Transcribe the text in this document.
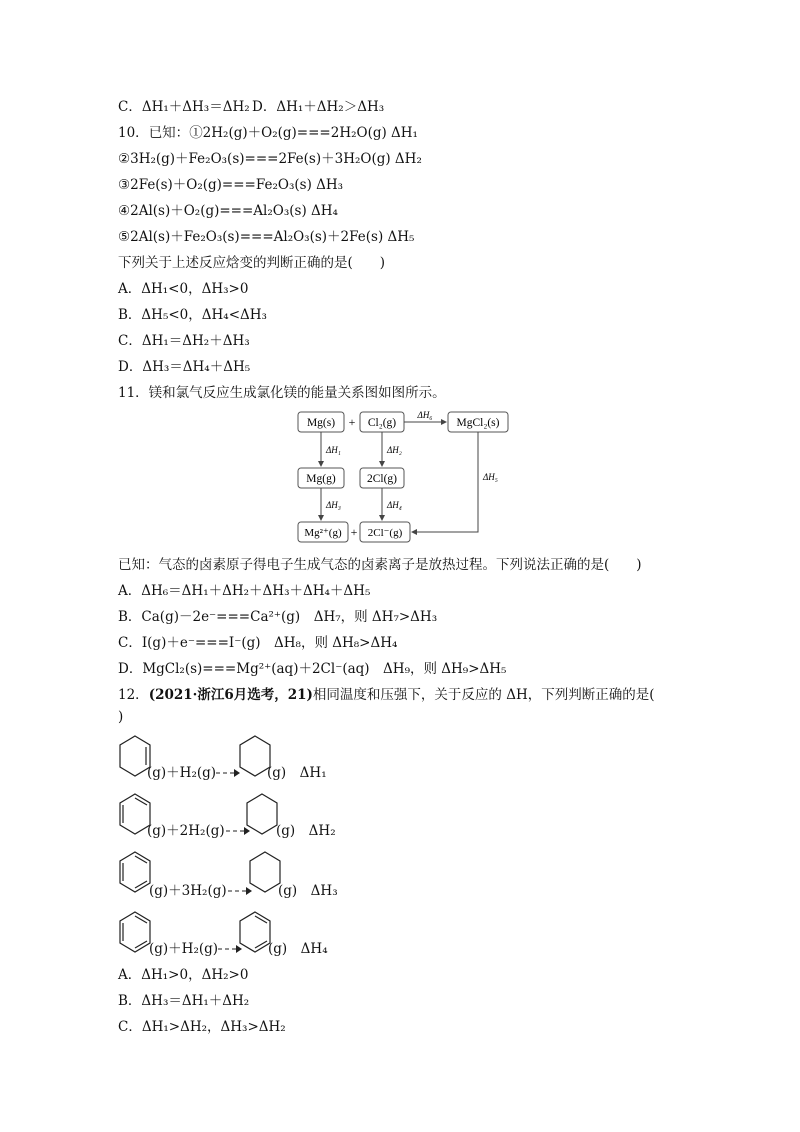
C．ΔH₁＋ΔH₃＝ΔH₂ D．ΔH₁＋ΔH₂＞ΔH₃
10．已知：①2H₂(g)＋O₂(g)===2H₂O(g) ΔH₁
②3H₂(g)＋Fe₂O₃(s)===2Fe(s)＋3H₂O(g) ΔH₂
③2Fe(s)＋O₂(g)===Fe₂O₃(s) ΔH₃
④2Al(s)＋O₂(g)===Al₂O₃(s) ΔH₄
⑤2Al(s)＋Fe₂O₃(s)===Al₂O₃(s)＋2Fe(s) ΔH₅
下列关于上述反应焓变的判断正确的是(　　)
A．ΔH₁<0，ΔH₃>0
B．ΔH₅<0，ΔH₄<ΔH₃
C．ΔH₁＝ΔH₂＋ΔH₃
D．ΔH₃＝ΔH₄＋ΔH₅
11．镁和氯气反应生成氯化镁的能量关系图如图所示。
Mg(s)	Cl₂(g)	MgCl₂(s)
Mg(g)	2Cl(g)
Mg²⁺(g) 2Cl⁻(g)
+
+
ΔH₆
ΔH₁	ΔH₂
ΔH₅
ΔH₃	ΔH₄
已知：气态的卤素原子得电子生成气态的卤素离子是放热过程。下列说法正确的是(　　)
A．ΔH₆＝ΔH₁＋ΔH₂＋ΔH₃＋ΔH₄＋ΔH₅
B．Ca(g)－2e⁻===Ca²⁺(g)　ΔH₇，则 ΔH₇>ΔH₃
C．I(g)＋e⁻===I⁻(g)　ΔH₈，则 ΔH₈>ΔH₄
D．MgCl₂(s)===Mg²⁺(aq)＋2Cl⁻(aq)　ΔH₉，则 ΔH₉>ΔH₅
12．(2021·浙江6月选考，21)相同温度和压强下，关于反应的 ΔH，下列判断正确的是(
)
(g)＋H₂(g) → (g)　ΔH₁
(g)＋2H₂(g) → (g)　ΔH₂
(g)＋3H₂(g) → (g)　ΔH₃
(g)＋H₂(g) → (g)　ΔH₄
A．ΔH₁>0，ΔH₂>0
B．ΔH₃＝ΔH₁＋ΔH₂
C．ΔH₁>ΔH₂，ΔH₃>ΔH₂
